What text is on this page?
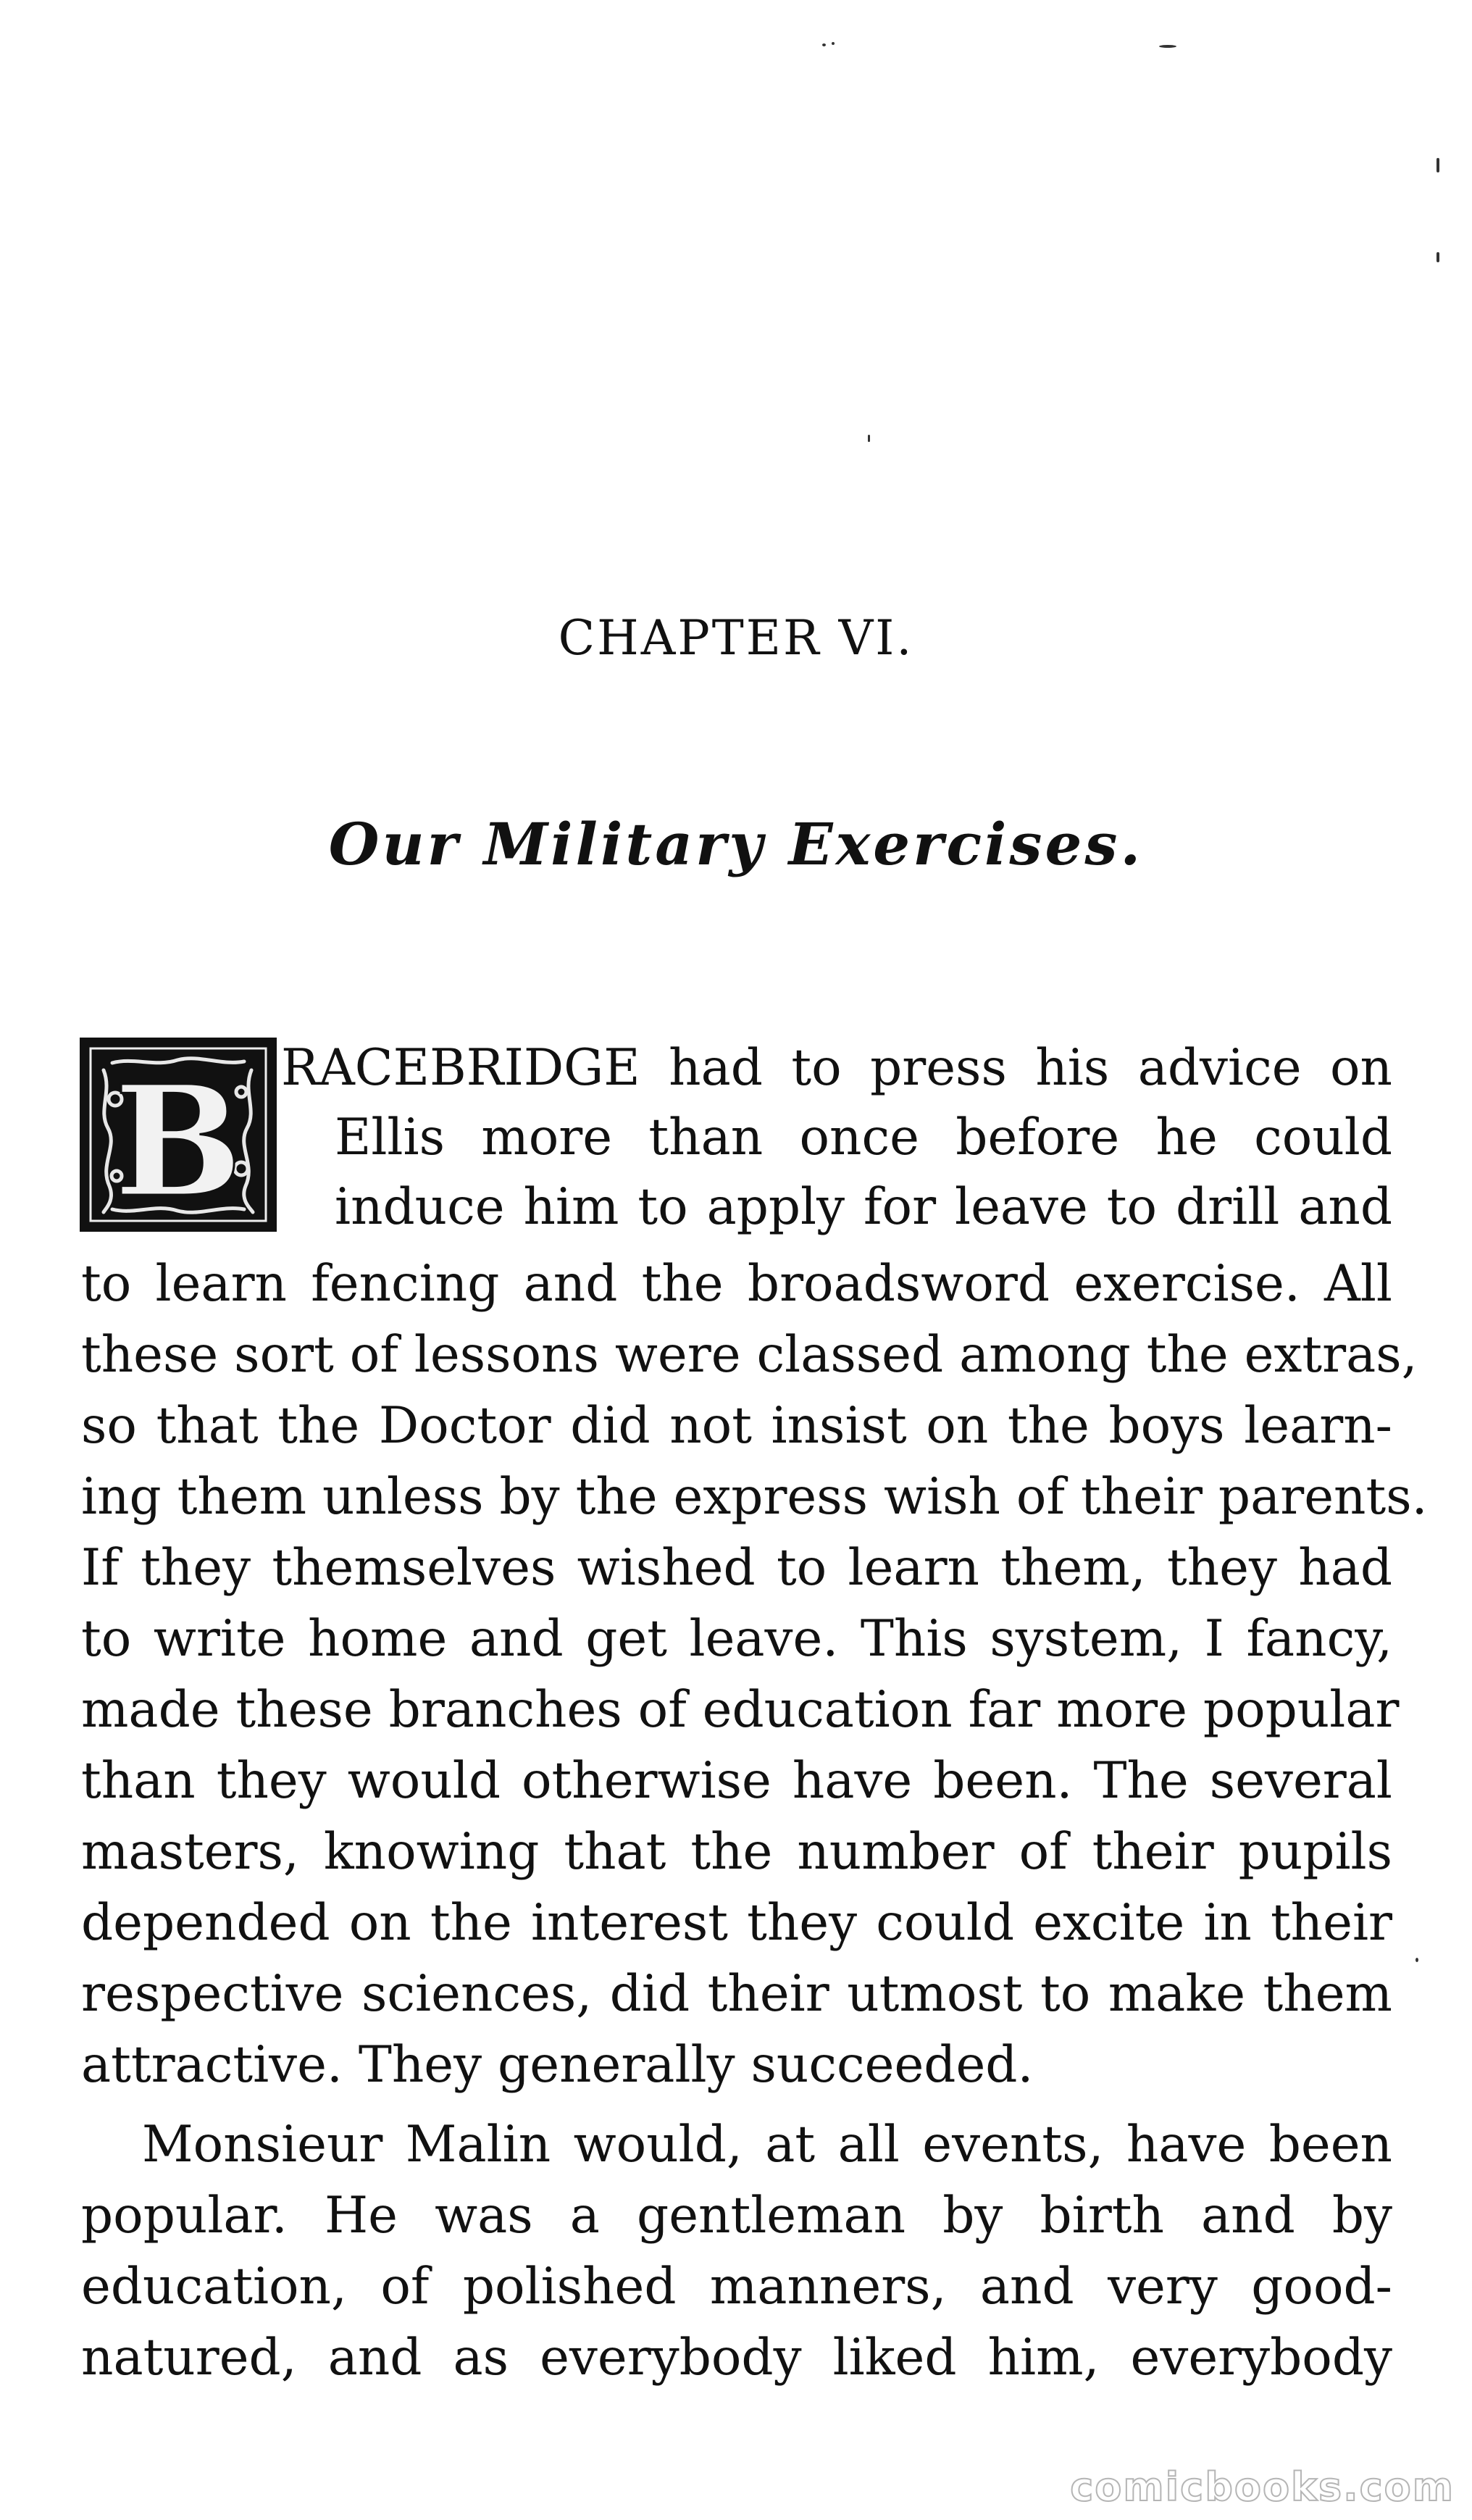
CHAPTER VI.
Our Military Exercises.
B RACEBRIDGE had to press his advice on

Ellis more than once before he could

induce him to apply for leave to drill and

to learn fencing and the broadsword exercise. All

these sort of lessons were classed among the extras,

so that the Doctor did not insist on the boys learn-

ing them unless by the express wish of their parents.

If they themselves wished to learn them, they had

to write home and get leave. This system, I fancy,

made these branches of education far more popular

than they would otherwise have been. The several

masters, knowing that the number of their pupils

depended on the interest they could excite in their

respective sciences, did their utmost to make them

attractive. They generally succeeded.

Monsieur Malin would, at all events, have been

popular. He was a gentleman by birth and by

education, of polished manners, and very good-

natured, and as everybody liked him, everybody

comicbooks.com
